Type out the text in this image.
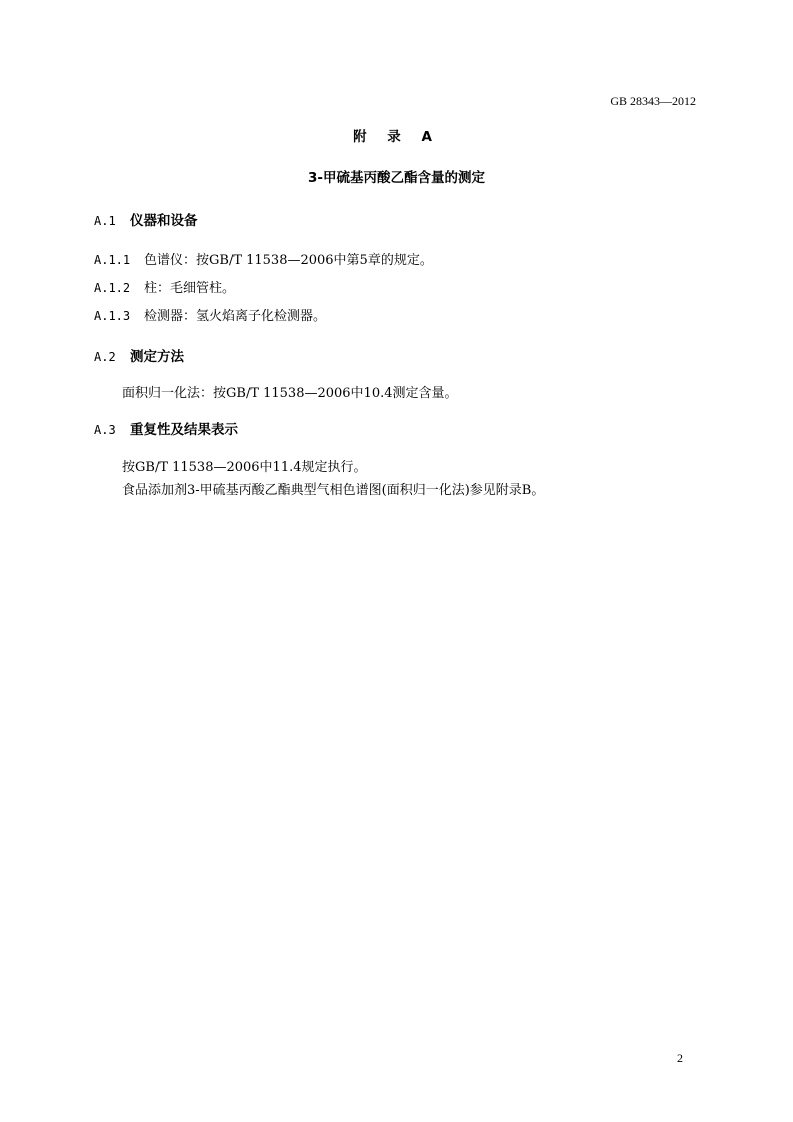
GB 28343—2012
附 录 A
3-甲硫基丙酸乙酯含量的测定
A.1 仪器和设备
A.1.1 色谱仪：按GB/T 11538—2006中第5章的规定。
A.1.2 柱：毛细管柱。
A.1.3 检测器：氢火焰离子化检测器。
A.2 测定方法
面积归一化法：按GB/T 11538—2006中10.4测定含量。
A.3 重复性及结果表示
按GB/T 11538—2006中11.4规定执行。
食品添加剂3-甲硫基丙酸乙酯典型气相色谱图(面积归一化法)参见附录B。
2
